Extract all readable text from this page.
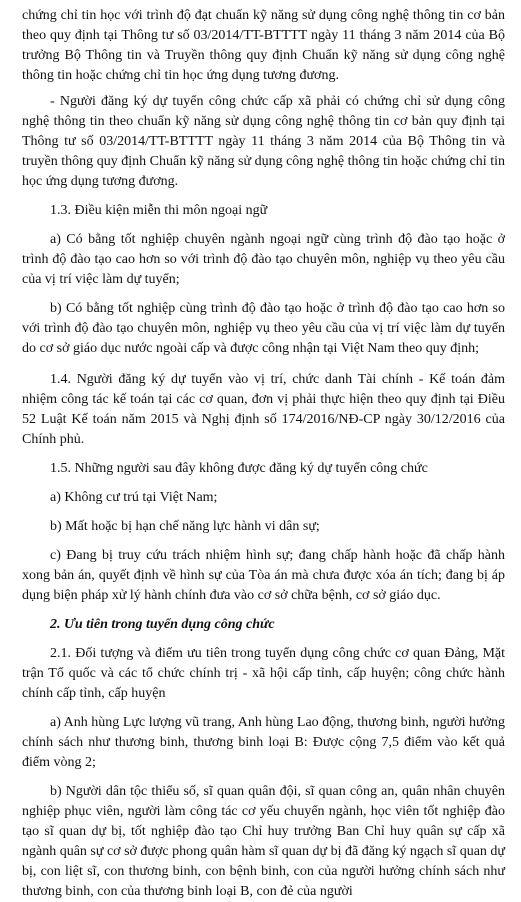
chứng chỉ tin học với trình độ đạt chuẩn kỹ năng sử dụng công nghệ thông tin cơ bản theo quy định tại Thông tư số 03/2014/TT-BTTTT ngày 11 tháng 3 năm 2014 của Bộ trưởng Bộ Thông tin và Truyền thông quy định Chuẩn kỹ năng sử dụng công nghệ thông tin hoặc chứng chỉ tin học ứng dụng tương đương.

- Người đăng ký dự tuyển công chức cấp xã phải có chứng chỉ sử dụng công nghệ thông tin theo chuẩn kỹ năng sử dụng công nghệ thông tin cơ bản quy định tại Thông tư số 03/2014/TT-BTTTT ngày 11 tháng 3 năm 2014 của Bộ Thông tin và truyền thông quy định Chuẩn kỹ năng sử dụng công nghệ thông tin hoặc chứng chỉ tin học ứng dụng tương đương.

1.3. Điều kiện miễn thi môn ngoại ngữ

a) Có bằng tốt nghiệp chuyên ngành ngoại ngữ cùng trình độ đào tạo hoặc ở trình độ đào tạo cao hơn so với trình độ đào tạo chuyên môn, nghiệp vụ theo yêu cầu của vị trí việc làm dự tuyển;

b) Có bằng tốt nghiệp cùng trình độ đào tạo hoặc ở trình độ đào tạo cao hơn so với trình độ đào tạo chuyên môn, nghiệp vụ theo yêu cầu của vị trí việc làm dự tuyển do cơ sở giáo dục nước ngoài cấp và được công nhận tại Việt Nam theo quy định;

1.4. Người đăng ký dự tuyển vào vị trí, chức danh Tài chính - Kế toán đảm nhiệm công tác kế toán tại các cơ quan, đơn vị phải thực hiện theo quy định tại Điều 52 Luật Kế toán năm 2015 và Nghị định số 174/2016/NĐ-CP ngày 30/12/2016 của Chính phủ.

1.5. Những người sau đây không được đăng ký dự tuyển công chức

a) Không cư trú tại Việt Nam;

b) Mất hoặc bị hạn chế năng lực hành vi dân sự;

c) Đang bị truy cứu trách nhiệm hình sự; đang chấp hành hoặc đã chấp hành xong bản án, quyết định về hình sự của Tòa án mà chưa được xóa án tích; đang bị áp dụng biện pháp xử lý hành chính đưa vào cơ sở chữa bệnh, cơ sở giáo dục.

2. Ưu tiên trong tuyển dụng công chức

2.1. Đối tượng và điểm ưu tiên trong tuyển dụng công chức cơ quan Đảng, Mặt trận Tổ quốc và các tổ chức chính trị - xã hội cấp tỉnh, cấp huyện; công chức hành chính cấp tỉnh, cấp huyện

a) Anh hùng Lực lượng vũ trang, Anh hùng Lao động, thương binh, người hưởng chính sách như thương binh, thương binh loại B: Được cộng 7,5 điểm vào kết quả điểm vòng 2;

b) Người dân tộc thiểu số, sĩ quan quân đội, sĩ quan công an, quân nhân chuyên nghiệp phục viên, người làm công tác cơ yếu chuyển ngành, học viên tốt nghiệp đào tạo sĩ quan dự bị, tốt nghiệp đào tạo Chỉ huy trưởng Ban Chỉ huy quân sự cấp xã ngành quân sự cơ sở được phong quân hàm sĩ quan dự bị đã đăng ký ngạch sĩ quan dự bị, con liệt sĩ, con thương binh, con bệnh binh, con của người hưởng chính sách như thương binh, con của thương binh loại B, con đẻ của người
